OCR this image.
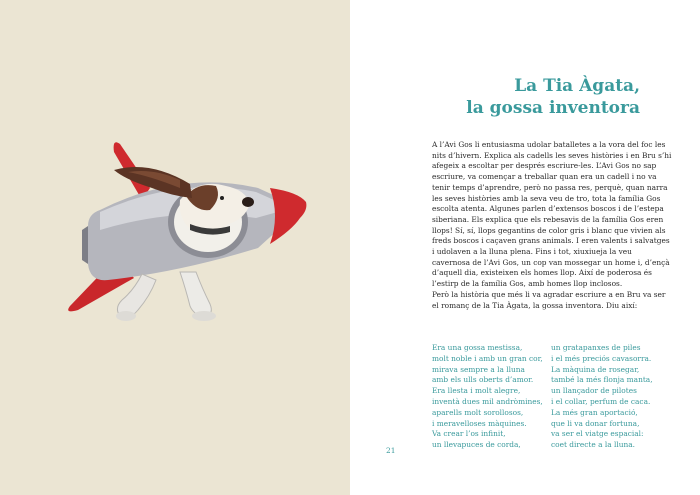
La Tia Àgata,
la gossa inventora

A l’Avi Gos li entusiasma udolar batalletes a la vora del foc les nits d’hivern. Explica als cadells les seves històries i en Bru s’hi afegeix a escoltar per després escriure-les. L’Avi Gos no sap escriure, va començar a treballar quan era un cadell i no va tenir temps d’aprendre, però no passa res, perquè, quan narra les seves històries amb la seva veu de tro, tota la família Gos escolta atenta. Algunes parlen d’extensos boscos i de l’estepa siberiana. Els explica que els rebesavis de la família Gos eren llops! Sí, sí, llops gegantins de color gris i blanc que vivien als freds boscos i caçaven grans animals. I eren valents i salvatges i udolaven a la lluna plena. Fins i tot, xiuxiueja la veu cavernosa de l’Avi Gos, un cop van mossegar un home i, d’ençà d’aquell dia, existeixen els homes llop. Així de poderosa és l’estirp de la família Gos, amb homes llop inclosos.

Però la història que més li va agradar escriure a en Bru va ser el romanç de la Tia Àgata, la gossa inventora. Diu així:

Era una gossa mestissa,
molt noble i amb un gran cor,
mirava sempre a la lluna
amb els ulls oberts d’amor.
Era llesta i molt alegre,
inventà dues mil andròmines,
aparells molt sorollosos,
i meravelloses màquines.
Va crear l’os infinit,
un llevapuces de corda,
un gratapanxes de piles
i el més preciós cavasorra.
La màquina de rosegar,
també la més flonja manta,
un llançador de pilotes
i el collar, perfum de caca.
La més gran aportació,
que li va donar fortuna,
va ser el viatge espacial:
coet directe a la lluna.
21
